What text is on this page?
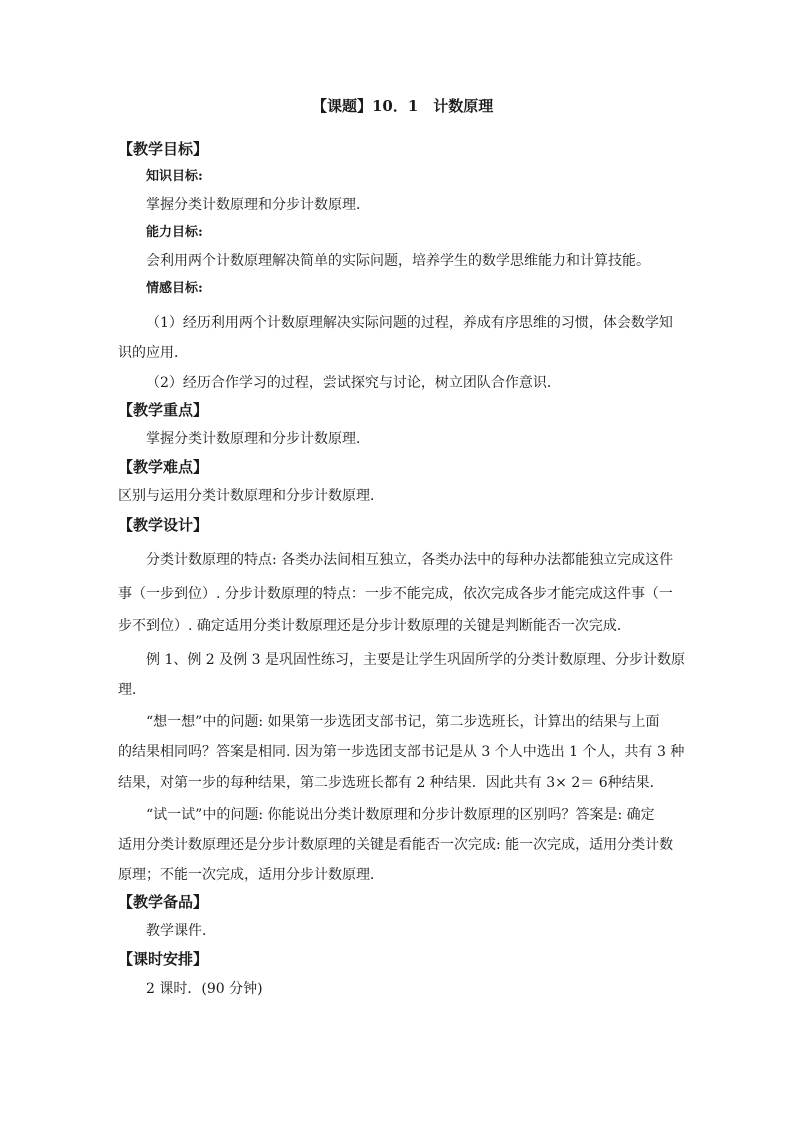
【课题】10．1　计数原理
【教学目标】
知识目标:
掌握分类计数原理和分步计数原理．
能力目标:
会利用两个计数原理解决简单的实际问题，培养学生的数学思维能力和计算技能。
情感目标:
（1）经历利用两个计数原理解决实际问题的过程，养成有序思维的习惯，体会数学知
识的应用．
（2）经历合作学习的过程，尝试探究与讨论，树立团队合作意识．
【教学重点】
掌握分类计数原理和分步计数原理．
【教学难点】
区别与运用分类计数原理和分步计数原理．
【教学设计】
分类计数原理的特点: 各类办法间相互独立，各类办法中的每种办法都能独立完成这件
事（一步到位）. 分步计数原理的特点：一步不能完成，依次完成各步才能完成这件事（一
步不到位）. 确定适用分类计数原理还是分步计数原理的关键是判断能否一次完成．
例 1、例 2 及例 3 是巩固性练习，主要是让学生巩固所学的分类计数原理、分步计数原
理．
“想一想”中的问题: 如果第一步选团支部书记，第二步选班长，计算出的结果与上面
的结果相同吗？答案是相同. 因为第一步选团支部书记是从 3 个人中选出 1 个人，共有 3 种
结果，对第一步的每种结果，第二步选班长都有 2 种结果．因此共有 3× 2＝ 6种结果．
“试一试”中的问题: 你能说出分类计数原理和分步计数原理的区别吗？答案是: 确定
适用分类计数原理还是分步计数原理的关键是看能否一次完成: 能一次完成，适用分类计数
原理；不能一次完成，适用分步计数原理．
【教学备品】
教学课件．
【课时安排】
2 课时．(90 分钟)
